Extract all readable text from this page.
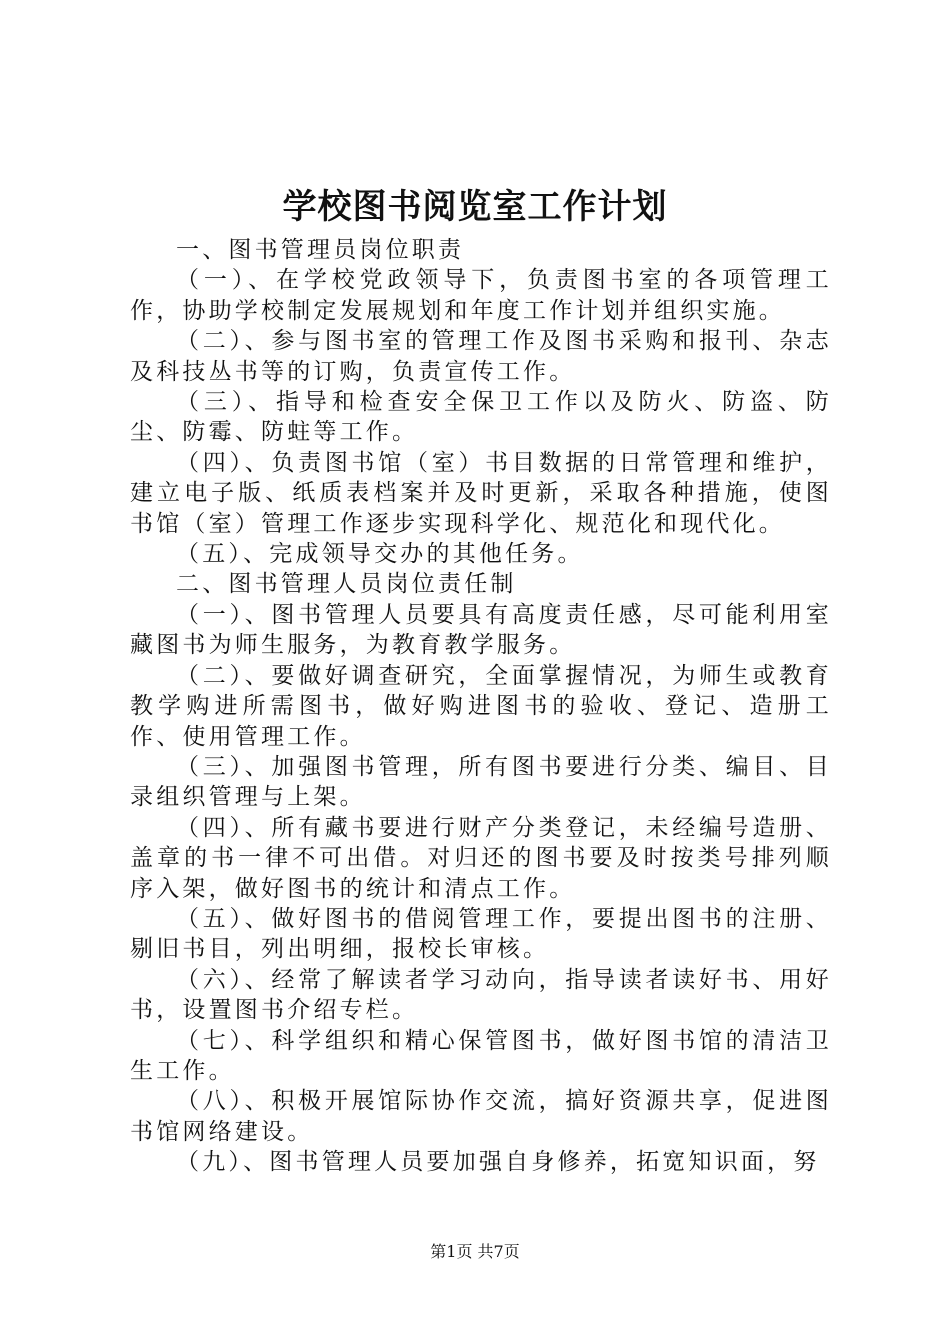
学校图书阅览室工作计划

一、图书管理员岗位职责

（一）、在学校党政领导下，负责图书室的各项管理工作，协助学校制定发展规划和年度工作计划并组织实施。

（二）、参与图书室的管理工作及图书采购和报刊、杂志及科技丛书等的订购，负责宣传工作。

（三）、指导和检查安全保卫工作以及防火、防盗、防尘、防霉、防蛀等工作。

（四）、负责图书馆（室）书目数据的日常管理和维护，建立电子版、纸质表档案并及时更新，采取各种措施，使图书馆（室）管理工作逐步实现科学化、规范化和现代化。

（五）、完成领导交办的其他任务。

二、图书管理人员岗位责任制

（一）、图书管理人员要具有高度责任感，尽可能利用室藏图书为师生服务，为教育教学服务。

（二）、要做好调查研究，全面掌握情况，为师生或教育教学购进所需图书，做好购进图书的验收、登记、造册工作、使用管理工作。

（三）、加强图书管理，所有图书要进行分类、编目、目录组织管理与上架。

（四）、所有藏书要进行财产分类登记，未经编号造册、盖章的书一律不可出借。对归还的图书要及时按类号排列顺序入架，做好图书的统计和清点工作。

（五）、做好图书的借阅管理工作，要提出图书的注册、剔旧书目，列出明细，报校长审核。

（六）、经常了解读者学习动向，指导读者读好书、用好书，设置图书介绍专栏。

（七）、科学组织和精心保管图书，做好图书馆的清洁卫生工作。

（八）、积极开展馆际协作交流，搞好资源共享，促进图书馆网络建设。

（九）、图书管理人员要加强自身修养，拓宽知识面，努

第1页 共7页
